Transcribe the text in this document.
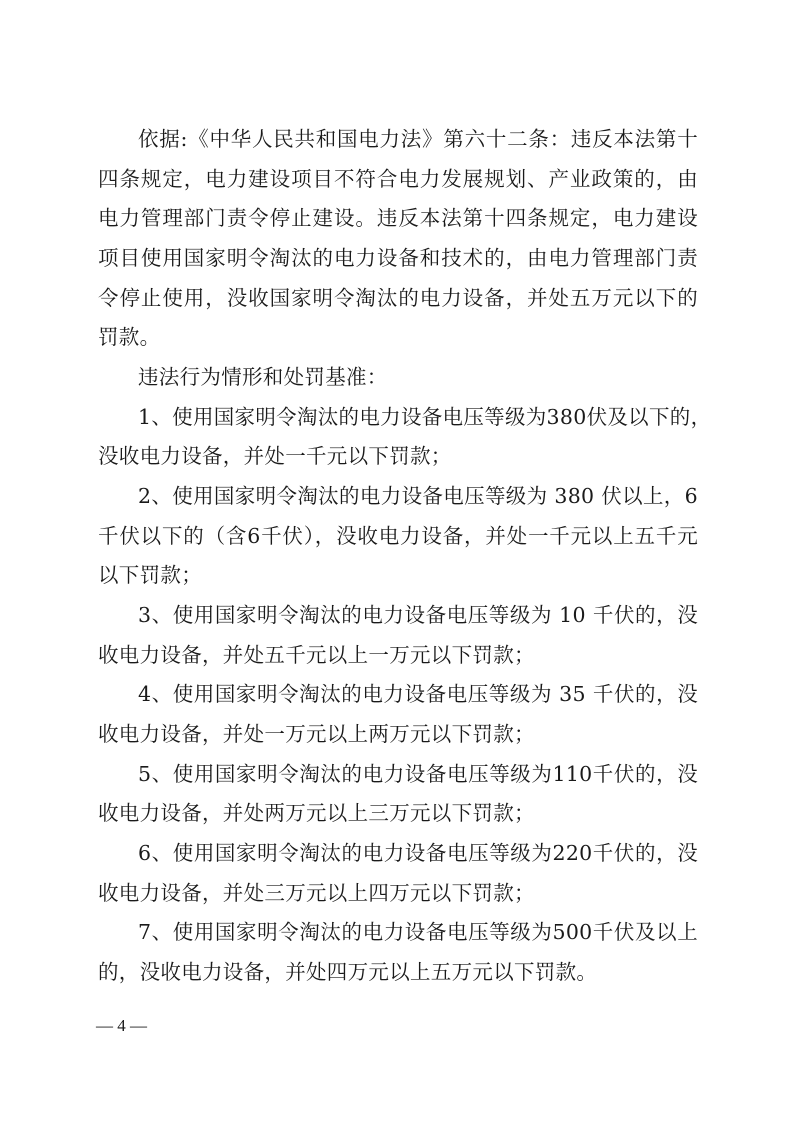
依据:《中华人民共和国电力法》第六十二条：违反本法第十
四条规定，电力建设项目不符合电力发展规划、产业政策的，由
电力管理部门责令停止建设。违反本法第十四条规定，电力建设
项目使用国家明令淘汰的电力设备和技术的，由电力管理部门责
令停止使用，没收国家明令淘汰的电力设备，并处五万元以下的
罚款。
违法行为情形和处罚基准：
1、使用国家明令淘汰的电力设备电压等级为380伏及以下的，
没收电力设备，并处一千元以下罚款；
2、使用国家明令淘汰的电力设备电压等级为 380 伏以上，6
千伏以下的（含6千伏），没收电力设备，并处一千元以上五千元
以下罚款；
3、使用国家明令淘汰的电力设备电压等级为 10 千伏的，没
收电力设备，并处五千元以上一万元以下罚款；
4、使用国家明令淘汰的电力设备电压等级为 35 千伏的，没
收电力设备，并处一万元以上两万元以下罚款；
5、使用国家明令淘汰的电力设备电压等级为110千伏的，没
收电力设备，并处两万元以上三万元以下罚款；
6、使用国家明令淘汰的电力设备电压等级为220千伏的，没
收电力设备，并处三万元以上四万元以下罚款；
7、使用国家明令淘汰的电力设备电压等级为500千伏及以上
的，没收电力设备，并处四万元以上五万元以下罚款。
— 4 —
